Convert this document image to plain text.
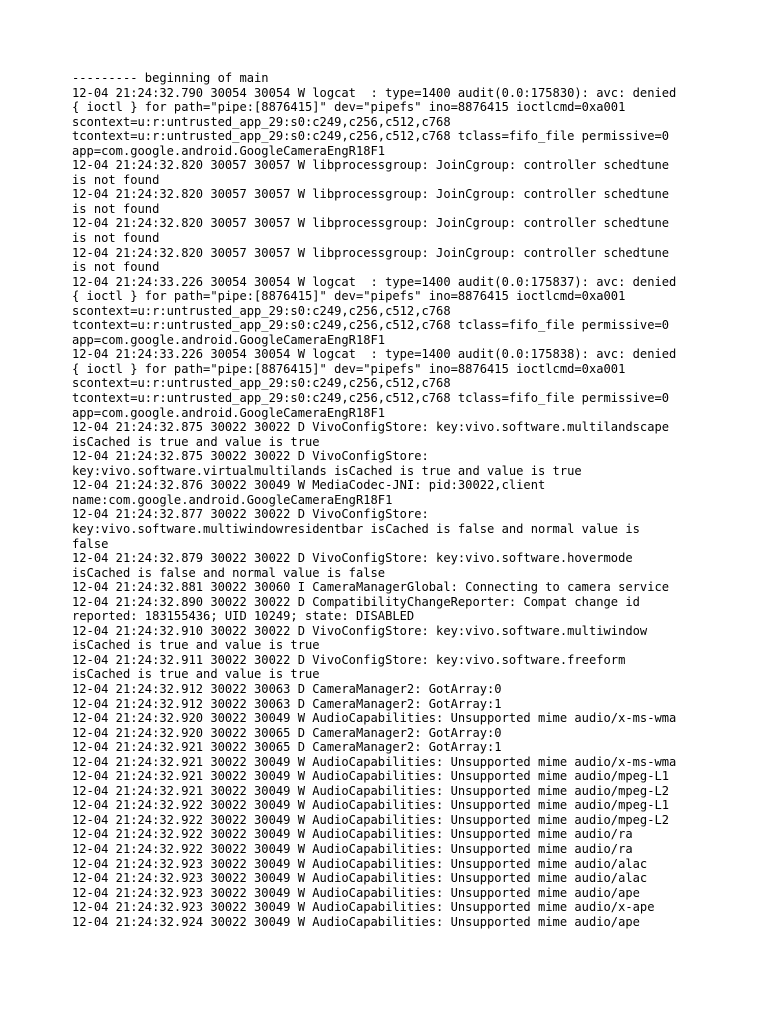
--------- beginning of main
12-04 21:24:32.790 30054 30054 W logcat  : type=1400 audit(0.0:175830): avc: denied
{ ioctl } for path="pipe:[8876415]" dev="pipefs" ino=8876415 ioctlcmd=0xa001
scontext=u:r:untrusted_app_29:s0:c249,c256,c512,c768
tcontext=u:r:untrusted_app_29:s0:c249,c256,c512,c768 tclass=fifo_file permissive=0
app=com.google.android.GoogleCameraEngR18F1
12-04 21:24:32.820 30057 30057 W libprocessgroup: JoinCgroup: controller schedtune
is not found
12-04 21:24:32.820 30057 30057 W libprocessgroup: JoinCgroup: controller schedtune
is not found
12-04 21:24:32.820 30057 30057 W libprocessgroup: JoinCgroup: controller schedtune
is not found
12-04 21:24:32.820 30057 30057 W libprocessgroup: JoinCgroup: controller schedtune
is not found
12-04 21:24:33.226 30054 30054 W logcat  : type=1400 audit(0.0:175837): avc: denied
{ ioctl } for path="pipe:[8876415]" dev="pipefs" ino=8876415 ioctlcmd=0xa001
scontext=u:r:untrusted_app_29:s0:c249,c256,c512,c768
tcontext=u:r:untrusted_app_29:s0:c249,c256,c512,c768 tclass=fifo_file permissive=0
app=com.google.android.GoogleCameraEngR18F1
12-04 21:24:33.226 30054 30054 W logcat  : type=1400 audit(0.0:175838): avc: denied
{ ioctl } for path="pipe:[8876415]" dev="pipefs" ino=8876415 ioctlcmd=0xa001
scontext=u:r:untrusted_app_29:s0:c249,c256,c512,c768
tcontext=u:r:untrusted_app_29:s0:c249,c256,c512,c768 tclass=fifo_file permissive=0
app=com.google.android.GoogleCameraEngR18F1
12-04 21:24:32.875 30022 30022 D VivoConfigStore: key:vivo.software.multilandscape
isCached is true and value is true
12-04 21:24:32.875 30022 30022 D VivoConfigStore:
key:vivo.software.virtualmultilands isCached is true and value is true
12-04 21:24:32.876 30022 30049 W MediaCodec-JNI: pid:30022,client
name:com.google.android.GoogleCameraEngR18F1
12-04 21:24:32.877 30022 30022 D VivoConfigStore:
key:vivo.software.multiwindowresidentbar isCached is false and normal value is
false
12-04 21:24:32.879 30022 30022 D VivoConfigStore: key:vivo.software.hovermode
isCached is false and normal value is false
12-04 21:24:32.881 30022 30060 I CameraManagerGlobal: Connecting to camera service
12-04 21:24:32.890 30022 30022 D CompatibilityChangeReporter: Compat change id
reported: 183155436; UID 10249; state: DISABLED
12-04 21:24:32.910 30022 30022 D VivoConfigStore: key:vivo.software.multiwindow
isCached is true and value is true
12-04 21:24:32.911 30022 30022 D VivoConfigStore: key:vivo.software.freeform
isCached is true and value is true
12-04 21:24:32.912 30022 30063 D CameraManager2: GotArray:0
12-04 21:24:32.912 30022 30063 D CameraManager2: GotArray:1
12-04 21:24:32.920 30022 30049 W AudioCapabilities: Unsupported mime audio/x-ms-wma
12-04 21:24:32.920 30022 30065 D CameraManager2: GotArray:0
12-04 21:24:32.921 30022 30065 D CameraManager2: GotArray:1
12-04 21:24:32.921 30022 30049 W AudioCapabilities: Unsupported mime audio/x-ms-wma
12-04 21:24:32.921 30022 30049 W AudioCapabilities: Unsupported mime audio/mpeg-L1
12-04 21:24:32.921 30022 30049 W AudioCapabilities: Unsupported mime audio/mpeg-L2
12-04 21:24:32.922 30022 30049 W AudioCapabilities: Unsupported mime audio/mpeg-L1
12-04 21:24:32.922 30022 30049 W AudioCapabilities: Unsupported mime audio/mpeg-L2
12-04 21:24:32.922 30022 30049 W AudioCapabilities: Unsupported mime audio/ra
12-04 21:24:32.922 30022 30049 W AudioCapabilities: Unsupported mime audio/ra
12-04 21:24:32.923 30022 30049 W AudioCapabilities: Unsupported mime audio/alac
12-04 21:24:32.923 30022 30049 W AudioCapabilities: Unsupported mime audio/alac
12-04 21:24:32.923 30022 30049 W AudioCapabilities: Unsupported mime audio/ape
12-04 21:24:32.923 30022 30049 W AudioCapabilities: Unsupported mime audio/x-ape
12-04 21:24:32.924 30022 30049 W AudioCapabilities: Unsupported mime audio/ape
